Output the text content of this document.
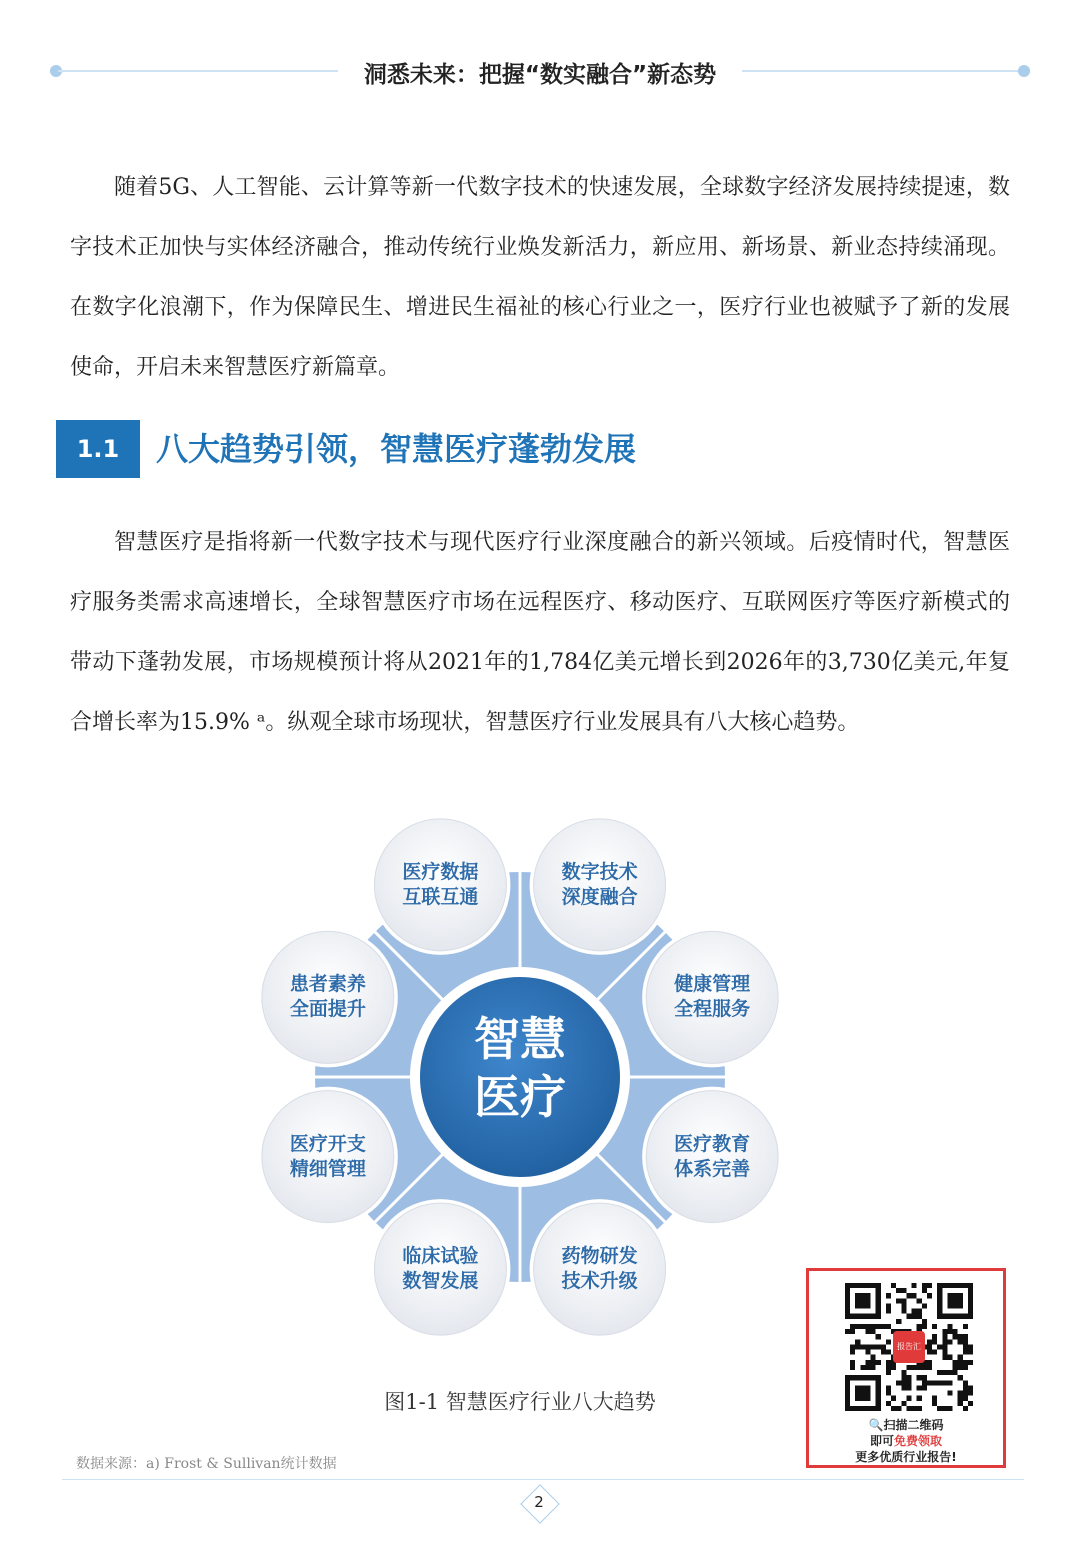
洞悉未来：把握“数实融合”新态势

随着5G、人工智能、云计算等新一代数字技术的快速发展，全球数字经济发展持续提速，数字技术正加快与实体经济融合，推动传统行业焕发新活力，新应用、新场景、新业态持续涌现。在数字化浪潮下，作为保障民生、增进民生福祉的核心行业之一，医疗行业也被赋予了新的发展使命，开启未来智慧医疗新篇章。

1.1	八大趋势引领，智慧医疗蓬勃发展

智慧医疗是指将新一代数字技术与现代医疗行业深度融合的新兴领域。后疫情时代，智慧医疗服务类需求高速增长，全球智慧医疗市场在远程医疗、移动医疗、互联网医疗等医疗新模式的带动下蓬勃发展，市场规模预计将从2021年的1,784亿美元增长到2026年的3,730亿美元,年复合增长率为15.9% ᵃ。纵观全球市场现状，智慧医疗行业发展具有八大核心趋势。

智慧
医疗
医疗数据
互联互通
数字技术
深度融合
健康管理
全程服务
医疗教育
体系完善
药物研发
技术升级
临床试验
数智发展
医疗开支
精细管理
患者素养
全面提升
图1-1 智慧医疗行业八大趋势
报告汇
🔍扫描二维码
即可免费领取
更多优质行业报告!
数据来源：a) Frost & Sullivan统计数据
2
